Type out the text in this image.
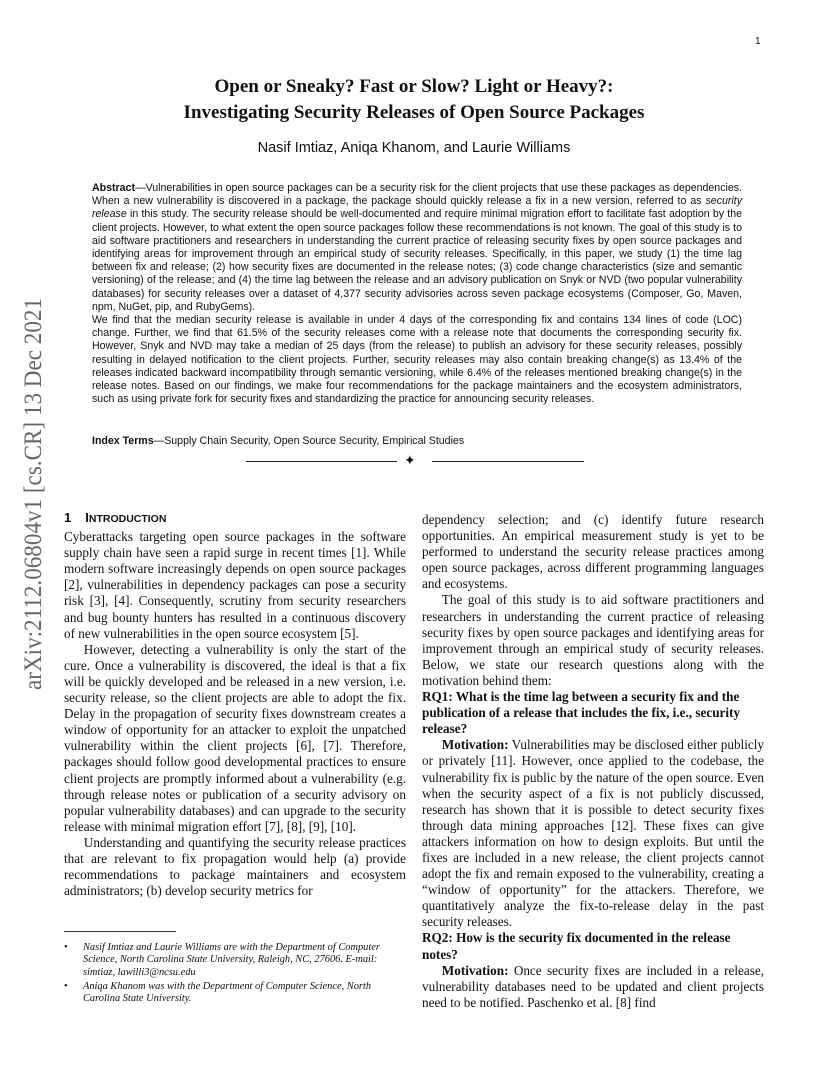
1
arXiv:2112.06804v1 [cs.CR] 13 Dec 2021
Open or Sneaky? Fast or Slow? Light or Heavy?:
Investigating Security Releases of Open Source Packages
Nasif Imtiaz, Aniqa Khanom, and Laurie Williams

Abstract—Vulnerabilities in open source packages can be a security risk for the client projects that use these packages as dependencies. When a new vulnerability is discovered in a package, the package should quickly release a fix in a new version, referred to as security release in this study. The security release should be well-documented and require minimal migration effort to facilitate fast adoption by the client projects. However, to what extent the open source packages follow these recommendations is not known. The goal of this study is to aid software practitioners and researchers in understanding the current practice of releasing security fixes by open source packages and identifying areas for improvement through an empirical study of security releases. Specifically, in this paper, we study (1) the time lag between fix and release; (2) how security fixes are documented in the release notes; (3) code change characteristics (size and semantic versioning) of the release; and (4) the time lag between the release and an advisory publication on Snyk or NVD (two popular vulnerability databases) for security releases over a dataset of 4,377 security advisories across seven package ecosystems (Composer, Go, Maven, npm, NuGet, pip, and RubyGems).

We find that the median security release is available in under 4 days of the corresponding fix and contains 134 lines of code (LOC) change. Further, we find that 61.5% of the security releases come with a release note that documents the corresponding security fix. However, Snyk and NVD may take a median of 25 days (from the release) to publish an advisory for these security releases, possibly resulting in delayed notification to the client projects. Further, security releases may also contain breaking change(s) as 13.4% of the releases indicated backward incompatibility through semantic versioning, while 6.4% of the releases mentioned breaking change(s) in the release notes. Based on our findings, we make four recommendations for the package maintainers and the ecosystem administrators, such as using private fork for security fixes and standardizing the practice for announcing security releases.

Index Terms—Supply Chain Security, Open Source Security, Empirical Studies
✦
1 INTRODUCTION

Cyberattacks targeting open source packages in the software supply chain have seen a rapid surge in recent times [1]. While modern software increasingly depends on open source packages [2], vulnerabilities in dependency packages can pose a security risk [3], [4]. Consequently, scrutiny from security researchers and bug bounty hunters has resulted in a continuous discovery of new vulnerabilities in the open source ecosystem [5].

However, detecting a vulnerability is only the start of the cure. Once a vulnerability is discovered, the ideal is that a fix will be quickly developed and be released in a new version, i.e. security release, so the client projects are able to adopt the fix. Delay in the propagation of security fixes downstream creates a window of opportunity for an attacker to exploit the unpatched vulnerability within the client projects [6], [7]. Therefore, packages should follow good developmental practices to ensure client projects are promptly informed about a vulnerability (e.g. through release notes or publication of a security advisory on popular vulnerability databases) and can upgrade to the security release with minimal migration effort [7], [8], [9], [10].

Understanding and quantifying the security release practices that are relevant to fix propagation would help (a) provide recommendations to package maintainers and ecosystem administrators; (b) develop security metrics for

• Nasif Imtiaz and Laurie Williams are with the Department of Computer Science, North Carolina State University, Raleigh, NC, 27606. E-mail: simtiaz, lawilli3@ncsu.edu
• Aniqa Khanom was with the Department of Computer Science, North Carolina State University.

dependency selection; and (c) identify future research opportunities. An empirical measurement study is yet to be performed to understand the security release practices among open source packages, across different programming languages and ecosystems.

The goal of this study is to aid software practitioners and researchers in understanding the current practice of releasing security fixes by open source packages and identifying areas for improvement through an empirical study of security releases. Below, we state our research questions along with the motivation behind them:

RQ1: What is the time lag between a security fix and the publication of a release that includes the fix, i.e., security release?

Motivation: Vulnerabilities may be disclosed either publicly or privately [11]. However, once applied to the codebase, the vulnerability fix is public by the nature of the open source. Even when the security aspect of a fix is not publicly discussed, research has shown that it is possible to detect security fixes through data mining approaches [12]. These fixes can give attackers information on how to design exploits. But until the fixes are included in a new release, the client projects cannot adopt the fix and remain exposed to the vulnerability, creating a “window of opportunity” for the attackers. Therefore, we quantitatively analyze the fix-to-release delay in the past security releases.

RQ2: How is the security fix documented in the release notes?

Motivation: Once security fixes are included in a release, vulnerability databases need to be updated and client projects need to be notified. Paschenko et al. [8] find
